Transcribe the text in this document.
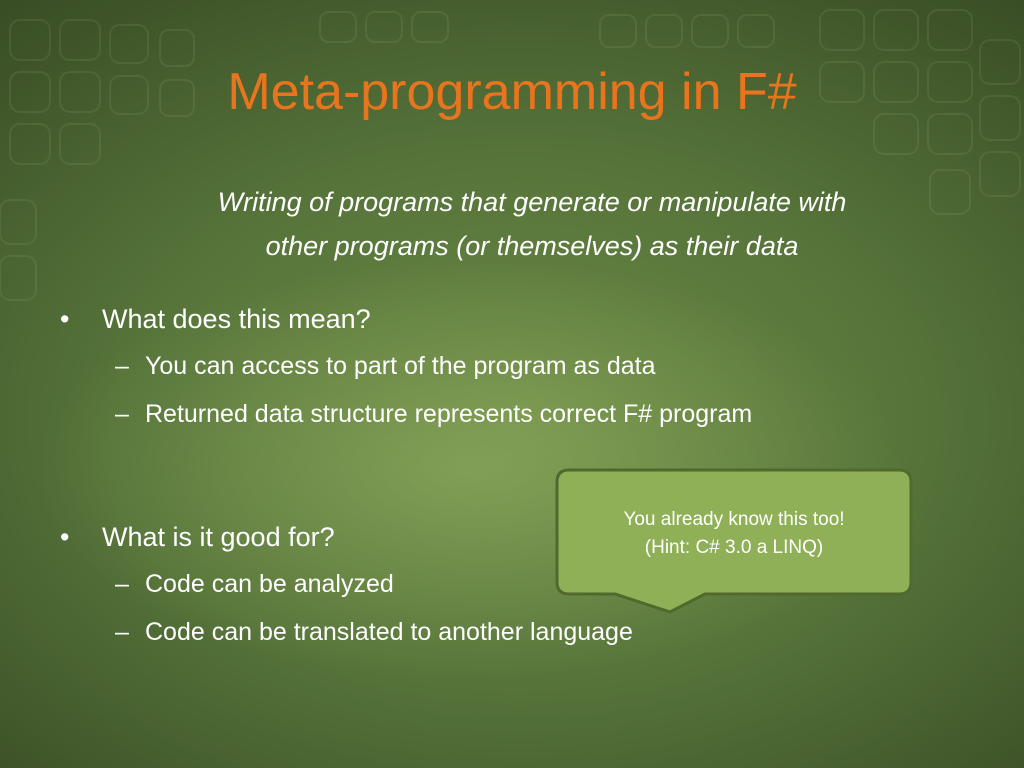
Meta-programming in F#
Writing of programs that generate or manipulate with
other programs (or themselves) as their data
• What does this mean?
– You can access to part of the program as data
– Returned data structure represents correct F# program
• What is it good for?
– Code can be analyzed
– Code can be translated to another language
You already know this too!
(Hint: C# 3.0 a LINQ)
